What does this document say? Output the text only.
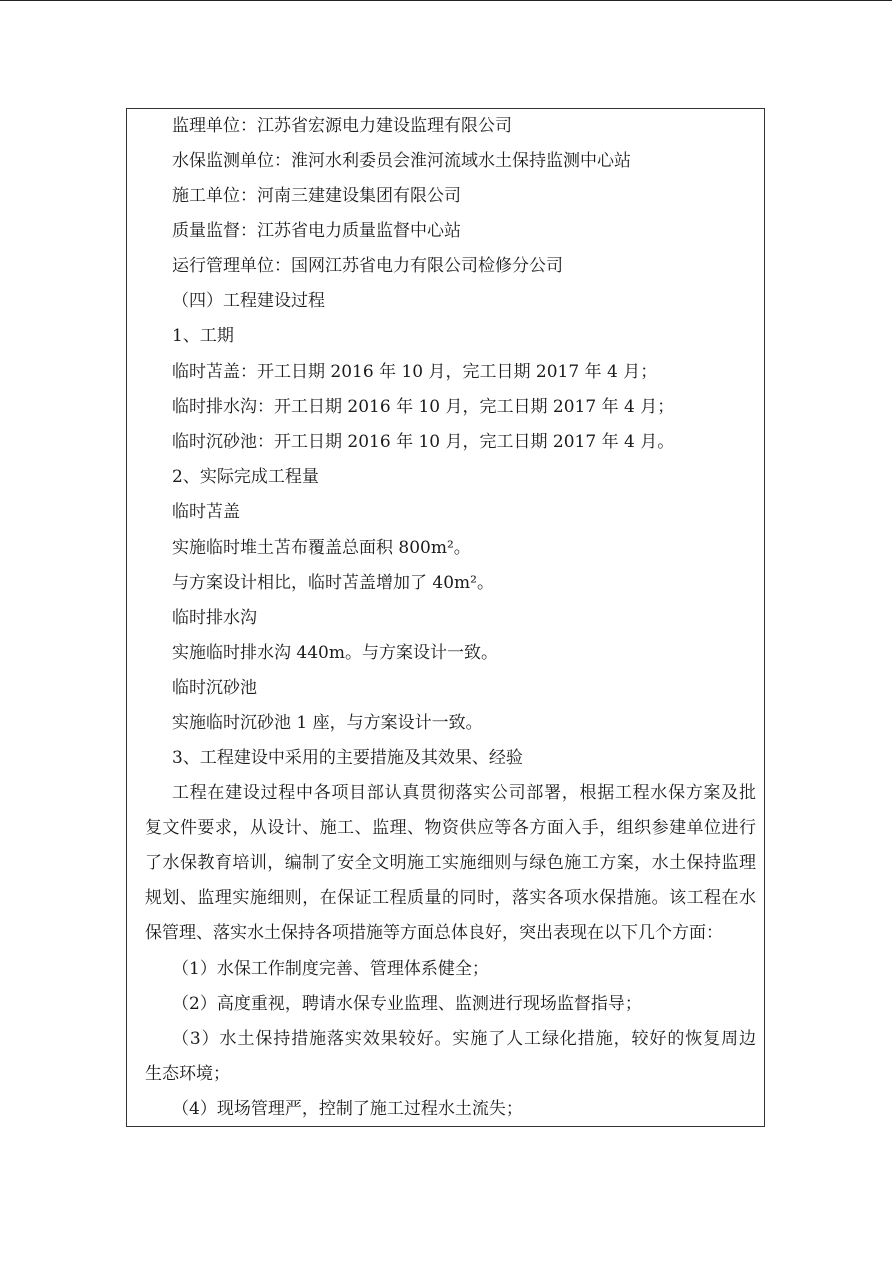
监理单位：江苏省宏源电力建设监理有限公司
水保监测单位：淮河水利委员会淮河流域水土保持监测中心站
施工单位：河南三建建设集团有限公司
质量监督：江苏省电力质量监督中心站
运行管理单位：国网江苏省电力有限公司检修分公司
（四）工程建设过程
1、工期
临时苫盖：开工日期 2016 年 10 月，完工日期 2017 年 4 月；
临时排水沟：开工日期 2016 年 10 月，完工日期 2017 年 4 月；
临时沉砂池：开工日期 2016 年 10 月，完工日期 2017 年 4 月。
2、实际完成工程量
临时苫盖
实施临时堆土苫布覆盖总面积 800m²。
与方案设计相比，临时苫盖增加了 40m²。
临时排水沟
实施临时排水沟 440m。与方案设计一致。
临时沉砂池
实施临时沉砂池 1 座，与方案设计一致。
3、工程建设中采用的主要措施及其效果、经验
工程在建设过程中各项目部认真贯彻落实公司部署，根据工程水保方案及批
复文件要求，从设计、施工、监理、物资供应等各方面入手，组织参建单位进行
了水保教育培训，编制了安全文明施工实施细则与绿色施工方案，水土保持监理
规划、监理实施细则，在保证工程质量的同时，落实各项水保措施。该工程在水
保管理、落实水土保持各项措施等方面总体良好，突出表现在以下几个方面：
（1）水保工作制度完善、管理体系健全；
（2）高度重视，聘请水保专业监理、监测进行现场监督指导；
（3）水土保持措施落实效果较好。实施了人工绿化措施，较好的恢复周边
生态环境；
（4）现场管理严，控制了施工过程水土流失；
